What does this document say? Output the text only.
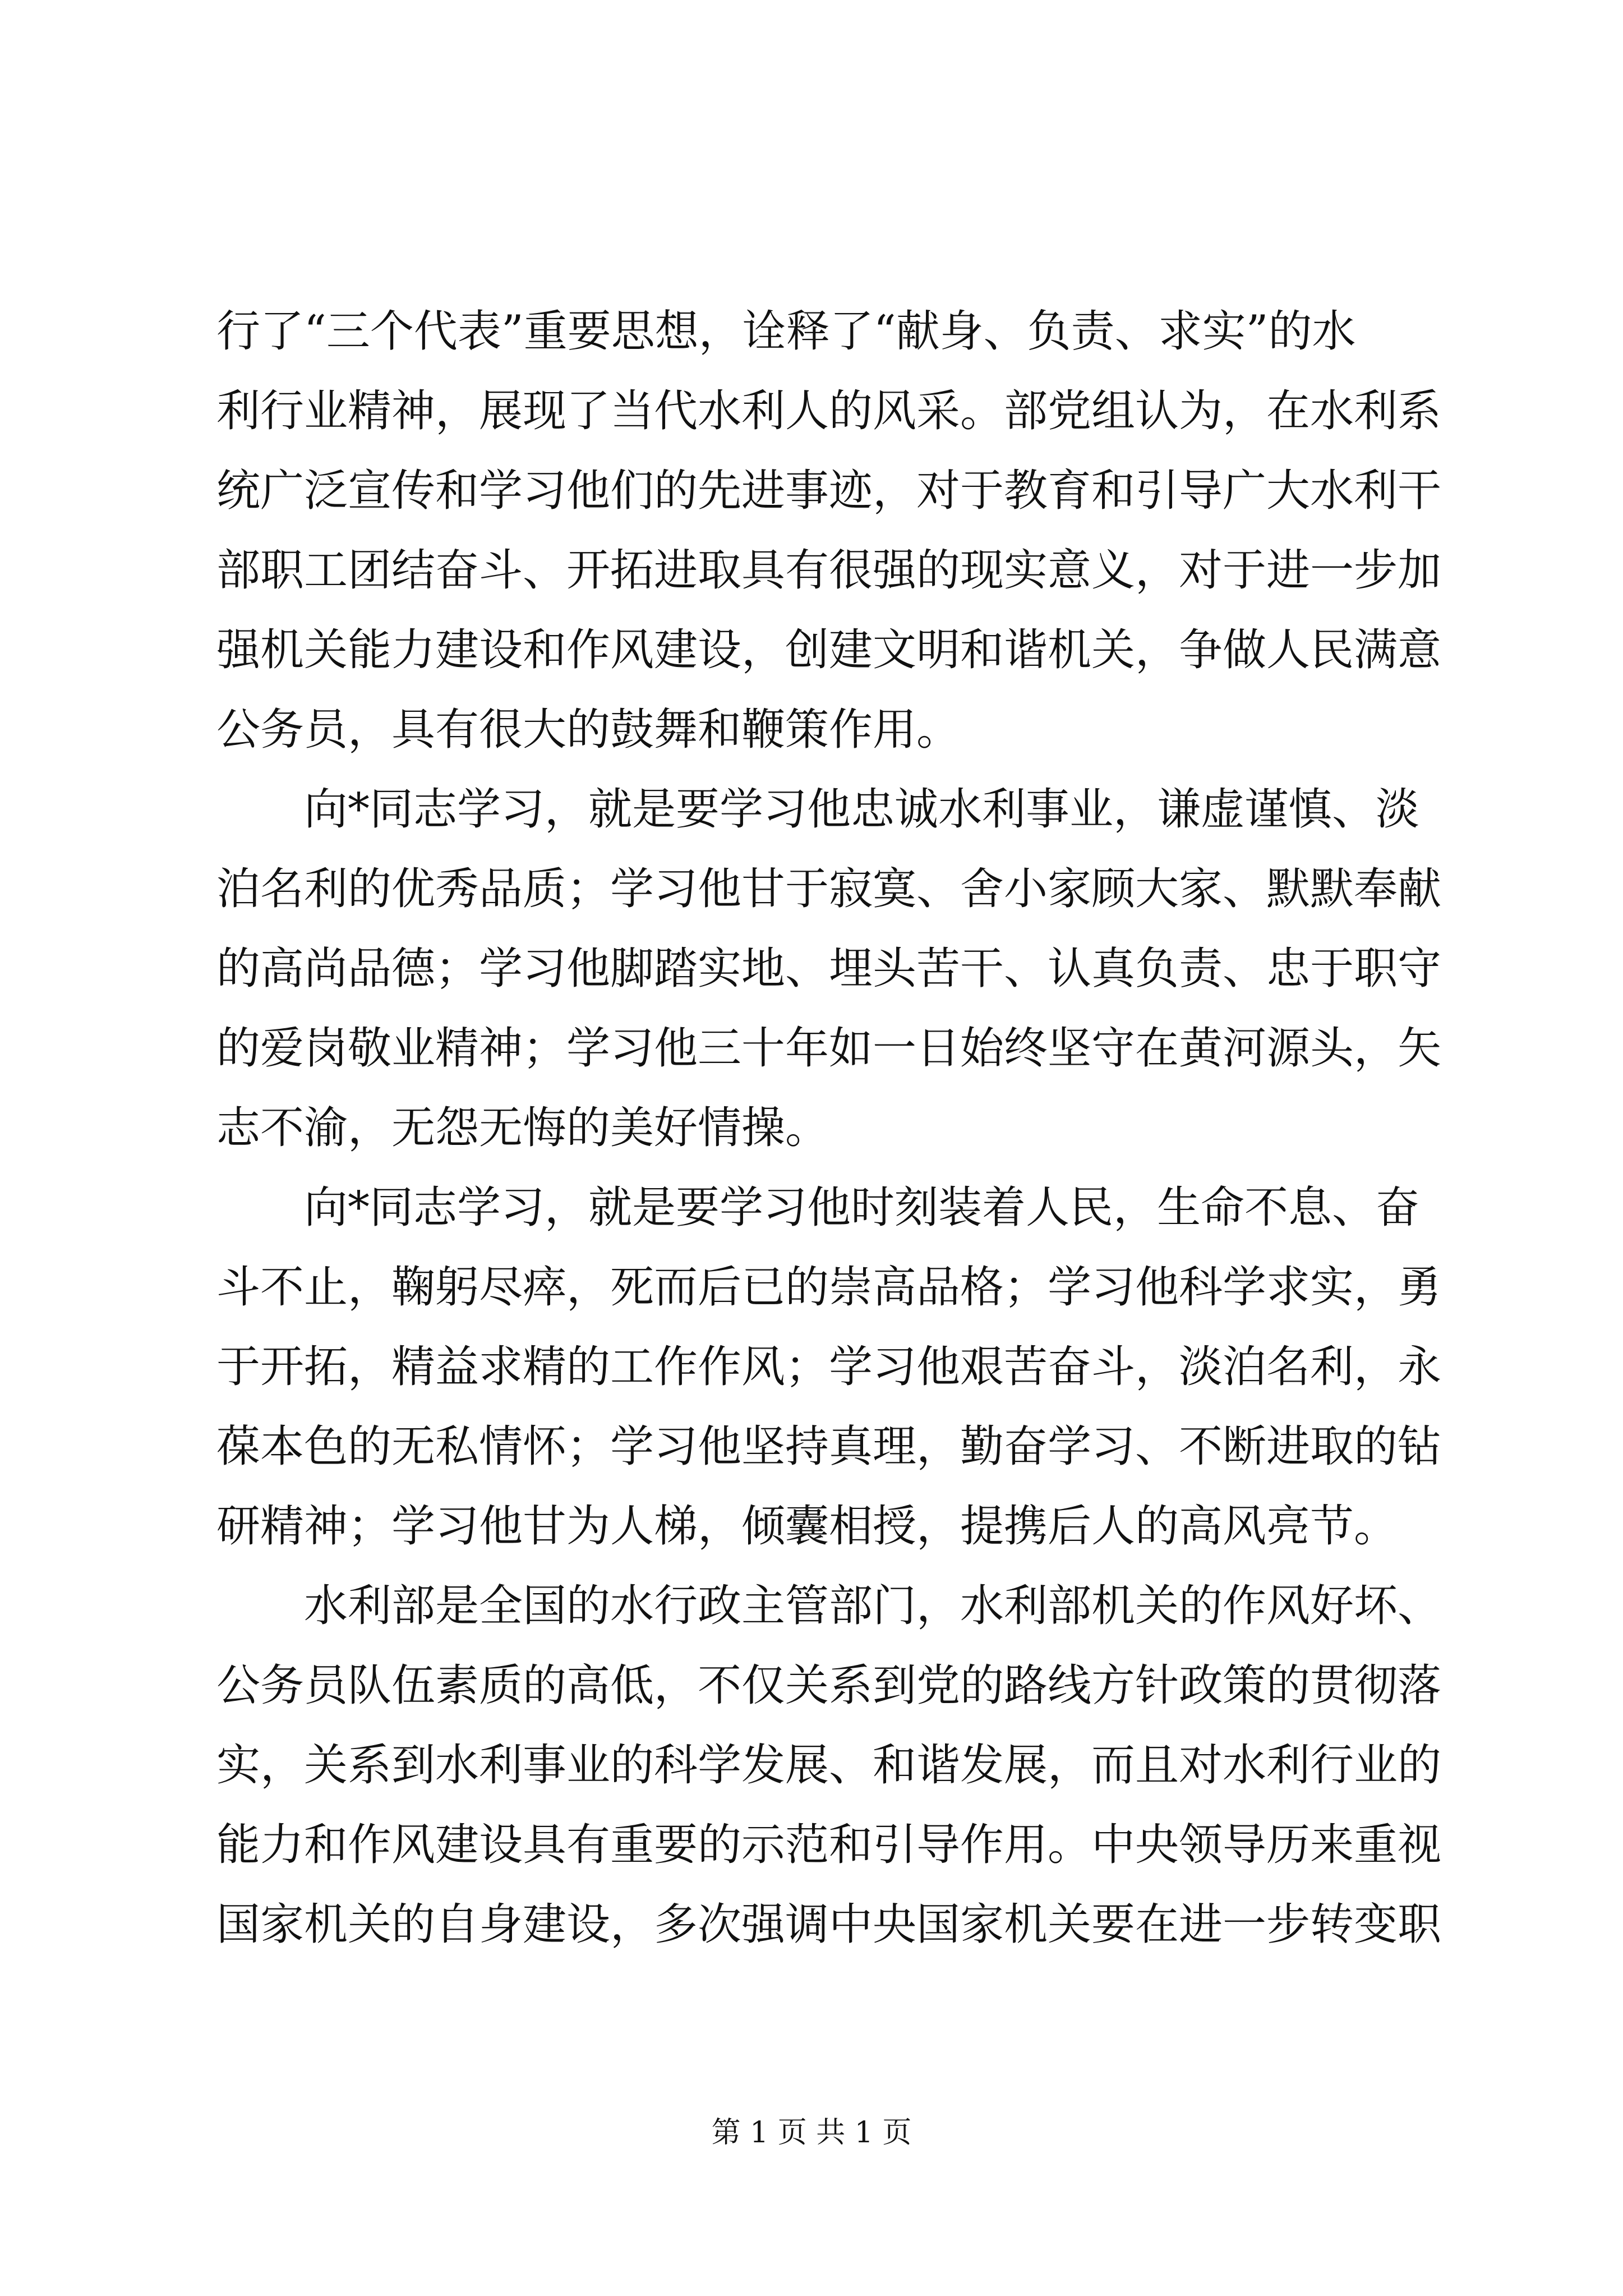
行了“三个代表”重要思想，诠释了“献身、负责、求实”的水
利行业精神，展现了当代水利人的风采。部党组认为，在水利系
统广泛宣传和学习他们的先进事迹，对于教育和引导广大水利干
部职工团结奋斗、开拓进取具有很强的现实意义，对于进一步加
强机关能力建设和作风建设，创建文明和谐机关，争做人民满意
公务员，具有很大的鼓舞和鞭策作用。
向*同志学习，就是要学习他忠诚水利事业，谦虚谨慎、淡
泊名利的优秀品质；学习他甘于寂寞、舍小家顾大家、默默奉献
的高尚品德；学习他脚踏实地、埋头苦干、认真负责、忠于职守
的爱岗敬业精神；学习他三十年如一日始终坚守在黄河源头，矢
志不渝，无怨无悔的美好情操。
向*同志学习，就是要学习他时刻装着人民，生命不息、奋
斗不止，鞠躬尽瘁，死而后已的崇高品格；学习他科学求实，勇
于开拓，精益求精的工作作风；学习他艰苦奋斗，淡泊名利，永
葆本色的无私情怀；学习他坚持真理，勤奋学习、不断进取的钻
研精神；学习他甘为人梯，倾囊相授，提携后人的高风亮节。
水利部是全国的水行政主管部门，水利部机关的作风好坏、
公务员队伍素质的高低，不仅关系到党的路线方针政策的贯彻落
实，关系到水利事业的科学发展、和谐发展，而且对水利行业的
能力和作风建设具有重要的示范和引导作用。中央领导历来重视
国家机关的自身建设，多次强调中央国家机关要在进一步转变职
第 1 页 共 1 页
